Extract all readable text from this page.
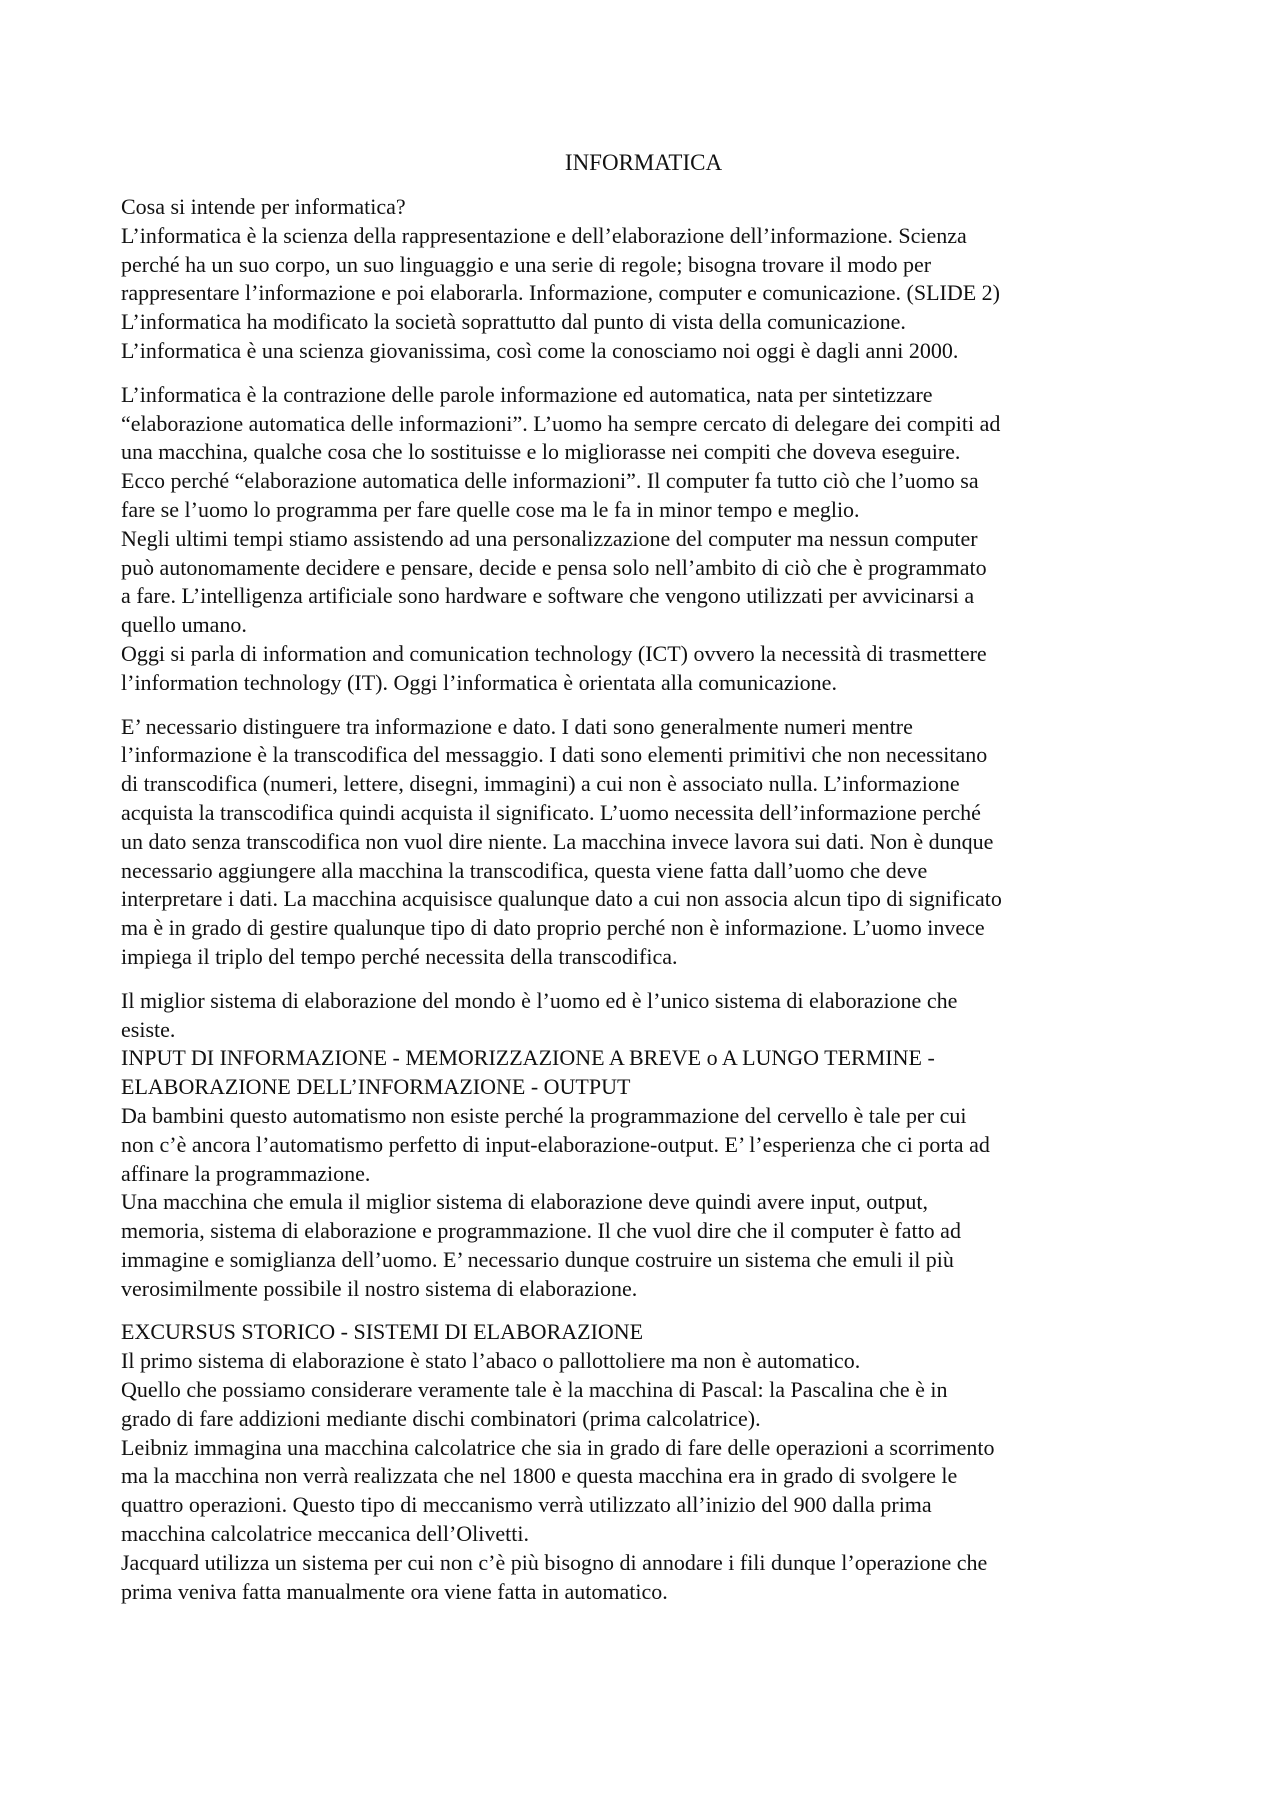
INFORMATICA
Cosa si intende per informatica?
L’informatica è la scienza della rappresentazione e dell’elaborazione dell’informazione. Scienza
perché ha un suo corpo, un suo linguaggio e una serie di regole; bisogna trovare il modo per
rappresentare l’informazione e poi elaborarla. Informazione, computer e comunicazione. (SLIDE 2)
L’informatica ha modificato la società soprattutto dal punto di vista della comunicazione.
L’informatica è una scienza giovanissima, così come la conosciamo noi oggi è dagli anni 2000.
L’informatica è la contrazione delle parole informazione ed automatica, nata per sintetizzare
“elaborazione automatica delle informazioni”. L’uomo ha sempre cercato di delegare dei compiti ad
una macchina, qualche cosa che lo sostituisse e lo migliorasse nei compiti che doveva eseguire.
Ecco perché “elaborazione automatica delle informazioni”. Il computer fa tutto ciò che l’uomo sa
fare se l’uomo lo programma per fare quelle cose ma le fa in minor tempo e meglio.
Negli ultimi tempi stiamo assistendo ad una personalizzazione del computer ma nessun computer
può autonomamente decidere e pensare, decide e pensa solo nell’ambito di ciò che è programmato
a fare. L’intelligenza artificiale sono hardware e software che vengono utilizzati per avvicinarsi a
quello umano.
Oggi si parla di information and comunication technology (ICT) ovvero la necessità di trasmettere
l’information technology (IT). Oggi l’informatica è orientata alla comunicazione.
E’ necessario distinguere tra informazione e dato. I dati sono generalmente numeri mentre
l’informazione è la transcodifica del messaggio. I dati sono elementi primitivi che non necessitano
di transcodifica (numeri, lettere, disegni, immagini) a cui non è associato nulla. L’informazione
acquista la transcodifica quindi acquista il significato. L’uomo necessita dell’informazione perché
un dato senza transcodifica non vuol dire niente. La macchina invece lavora sui dati. Non è dunque
necessario aggiungere alla macchina la transcodifica, questa viene fatta dall’uomo che deve
interpretare i dati. La macchina acquisisce qualunque dato a cui non associa alcun tipo di significato
ma è in grado di gestire qualunque tipo di dato proprio perché non è informazione. L’uomo invece
impiega il triplo del tempo perché necessita della transcodifica.
Il miglior sistema di elaborazione del mondo è l’uomo ed è l’unico sistema di elaborazione che
esiste.
INPUT DI INFORMAZIONE - MEMORIZZAZIONE A BREVE o A LUNGO TERMINE -
ELABORAZIONE DELL’INFORMAZIONE - OUTPUT
Da bambini questo automatismo non esiste perché la programmazione del cervello è tale per cui
non c’è ancora l’automatismo perfetto di input-elaborazione-output. E’ l’esperienza che ci porta ad
affinare la programmazione.
Una macchina che emula il miglior sistema di elaborazione deve quindi avere input, output,
memoria, sistema di elaborazione e programmazione. Il che vuol dire che il computer è fatto ad
immagine e somiglianza dell’uomo. E’ necessario dunque costruire un sistema che emuli il più
verosimilmente possibile il nostro sistema di elaborazione.
EXCURSUS STORICO - SISTEMI DI ELABORAZIONE
Il primo sistema di elaborazione è stato l’abaco o pallottoliere ma non è automatico.
Quello che possiamo considerare veramente tale è la macchina di Pascal: la Pascalina che è in
grado di fare addizioni mediante dischi combinatori (prima calcolatrice).
Leibniz immagina una macchina calcolatrice che sia in grado di fare delle operazioni a scorrimento
ma la macchina non verrà realizzata che nel 1800 e questa macchina era in grado di svolgere le
quattro operazioni. Questo tipo di meccanismo verrà utilizzato all’inizio del 900 dalla prima
macchina calcolatrice meccanica dell’Olivetti.
Jacquard utilizza un sistema per cui non c’è più bisogno di annodare i fili dunque l’operazione che
prima veniva fatta manualmente ora viene fatta in automatico.
